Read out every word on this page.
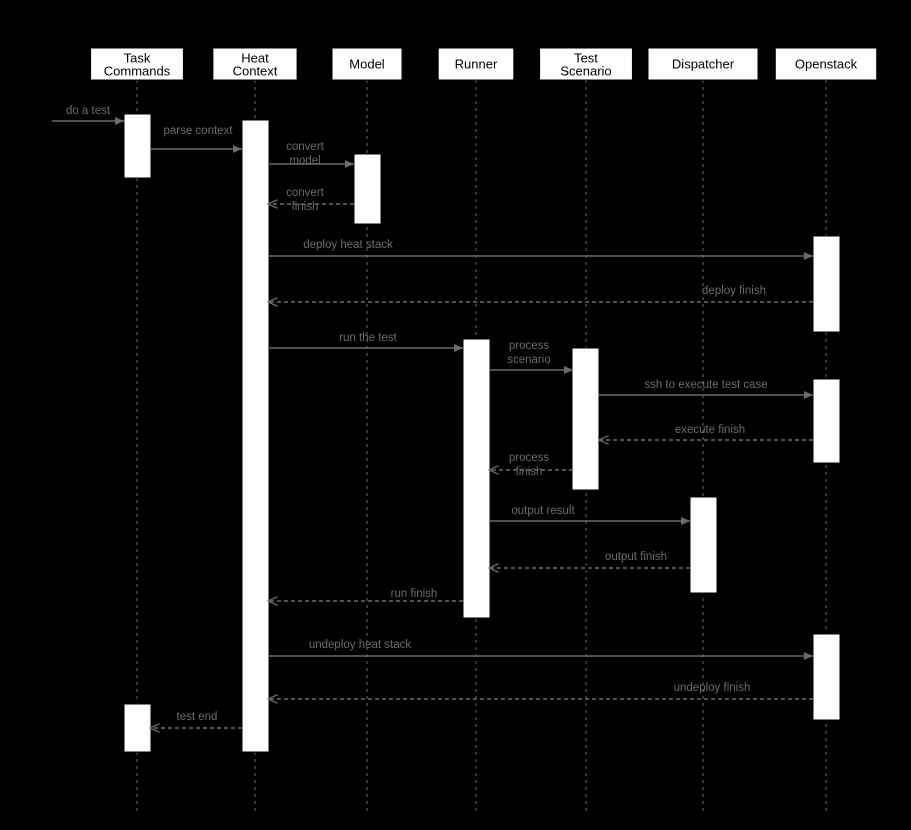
do a test
parse context
convert
model
convert
finish
deploy heat stack
deploy finish
run the test
process
scenario
ssh to execute test case
execute finish
process
finish
output result
output finish
run finish
undeploy heat stack
undeploy finish
test end
Task
Commands
Heat
Context	Model	Runner	Test
Scenario	Dispatcher	Openstack
